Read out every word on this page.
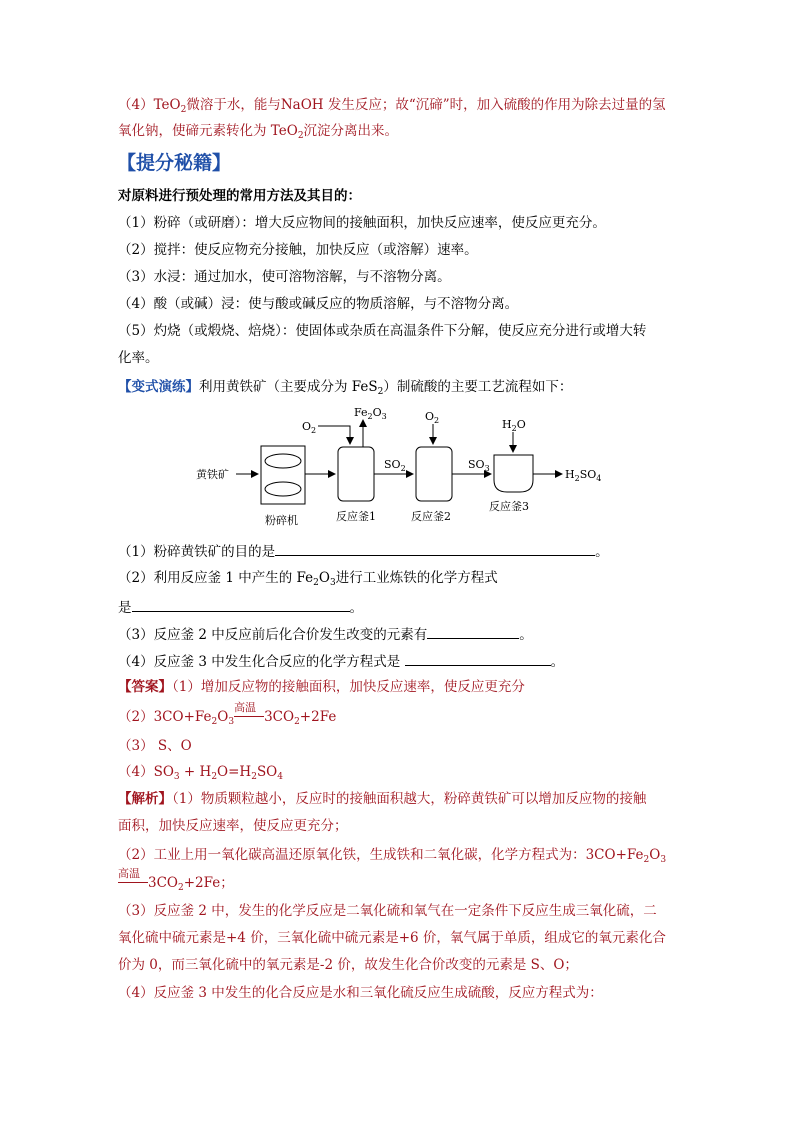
（4）TeO$_2$微溶于水，能与NaOH 发生反应；故“沉碲”时，加入硫酸的作用为除去过量的氢
氧化钠，使碲元素转化为 TeO$_2$沉淀分离出来。
【提分秘籍】
对原料进行预处理的常用方法及其目的：
（1）粉碎（或研磨）：增大反应物间的接触面积，加快反应速率，使反应更充分。
（2）搅拌：使反应物充分接触，加快反应（或溶解）速率。
（3）水浸：通过加水，使可溶物溶解，与不溶物分离。
（4）酸（或碱）浸：使与酸或碱反应的物质溶解，与不溶物分离。
（5）灼烧（或煅烧、焙烧）：使固体或杂质在高温条件下分解，使反应充分进行或增大转
化率。
【变式演练】利用黄铁矿（主要成分为 FeS$_2$）制硫酸的主要工艺流程如下：
黄铁矿
粉碎机	反应釜1
$O_2$
$Fe_2O_3$
$SO_2$
反应釜2
$O_2$
$SO_3$
反应釜3
$H_2O$
$H_2SO_4$
（1）粉碎黄铁矿的目的是	。
（2）利用反应釜 1 中产生的 $Fe_2O_3$进行工业炼铁的化学方程式
是	。
（3）反应釜 2 中反应前后化合价发生改变的元素有	。
（4）反应釜 3 中发生化合反应的化学方程式是	。
【答案】（1）增加反应物的接触面积，加快反应速率，使反应更充分
$(2)3CO+Fe_2O_3$
高温
$3CO_2+2Fe$
（3） S、O
$(4)SO_3 + H_2O=H_2SO_4$
【解析】（1）物质颗粒越小，反应时的接触面积越大，粉碎黄铁矿可以增加反应物的接触
面积，加快反应速率，使反应更充分；
（2）工业上用一氧化碳高温还原氧化铁，生成铁和二氧化碳，化学方程式为：$3CO+Fe_2O_3$
高温
$3CO_2+2Fe$；
（3）反应釜 2 中，发生的化学反应是二氧化硫和氧气在一定条件下反应生成三氧化硫，二
氧化硫中硫元素是+4 价，三氧化硫中硫元素是+6 价，氧气属于单质，组成它的氧元素化合
价为 0，而三氧化硫中的氧元素是-2 价，故发生化合价改变的元素是 S、O；
（4）反应釜 3 中发生的化合反应是水和三氧化硫反应生成硫酸，反应方程式为：
